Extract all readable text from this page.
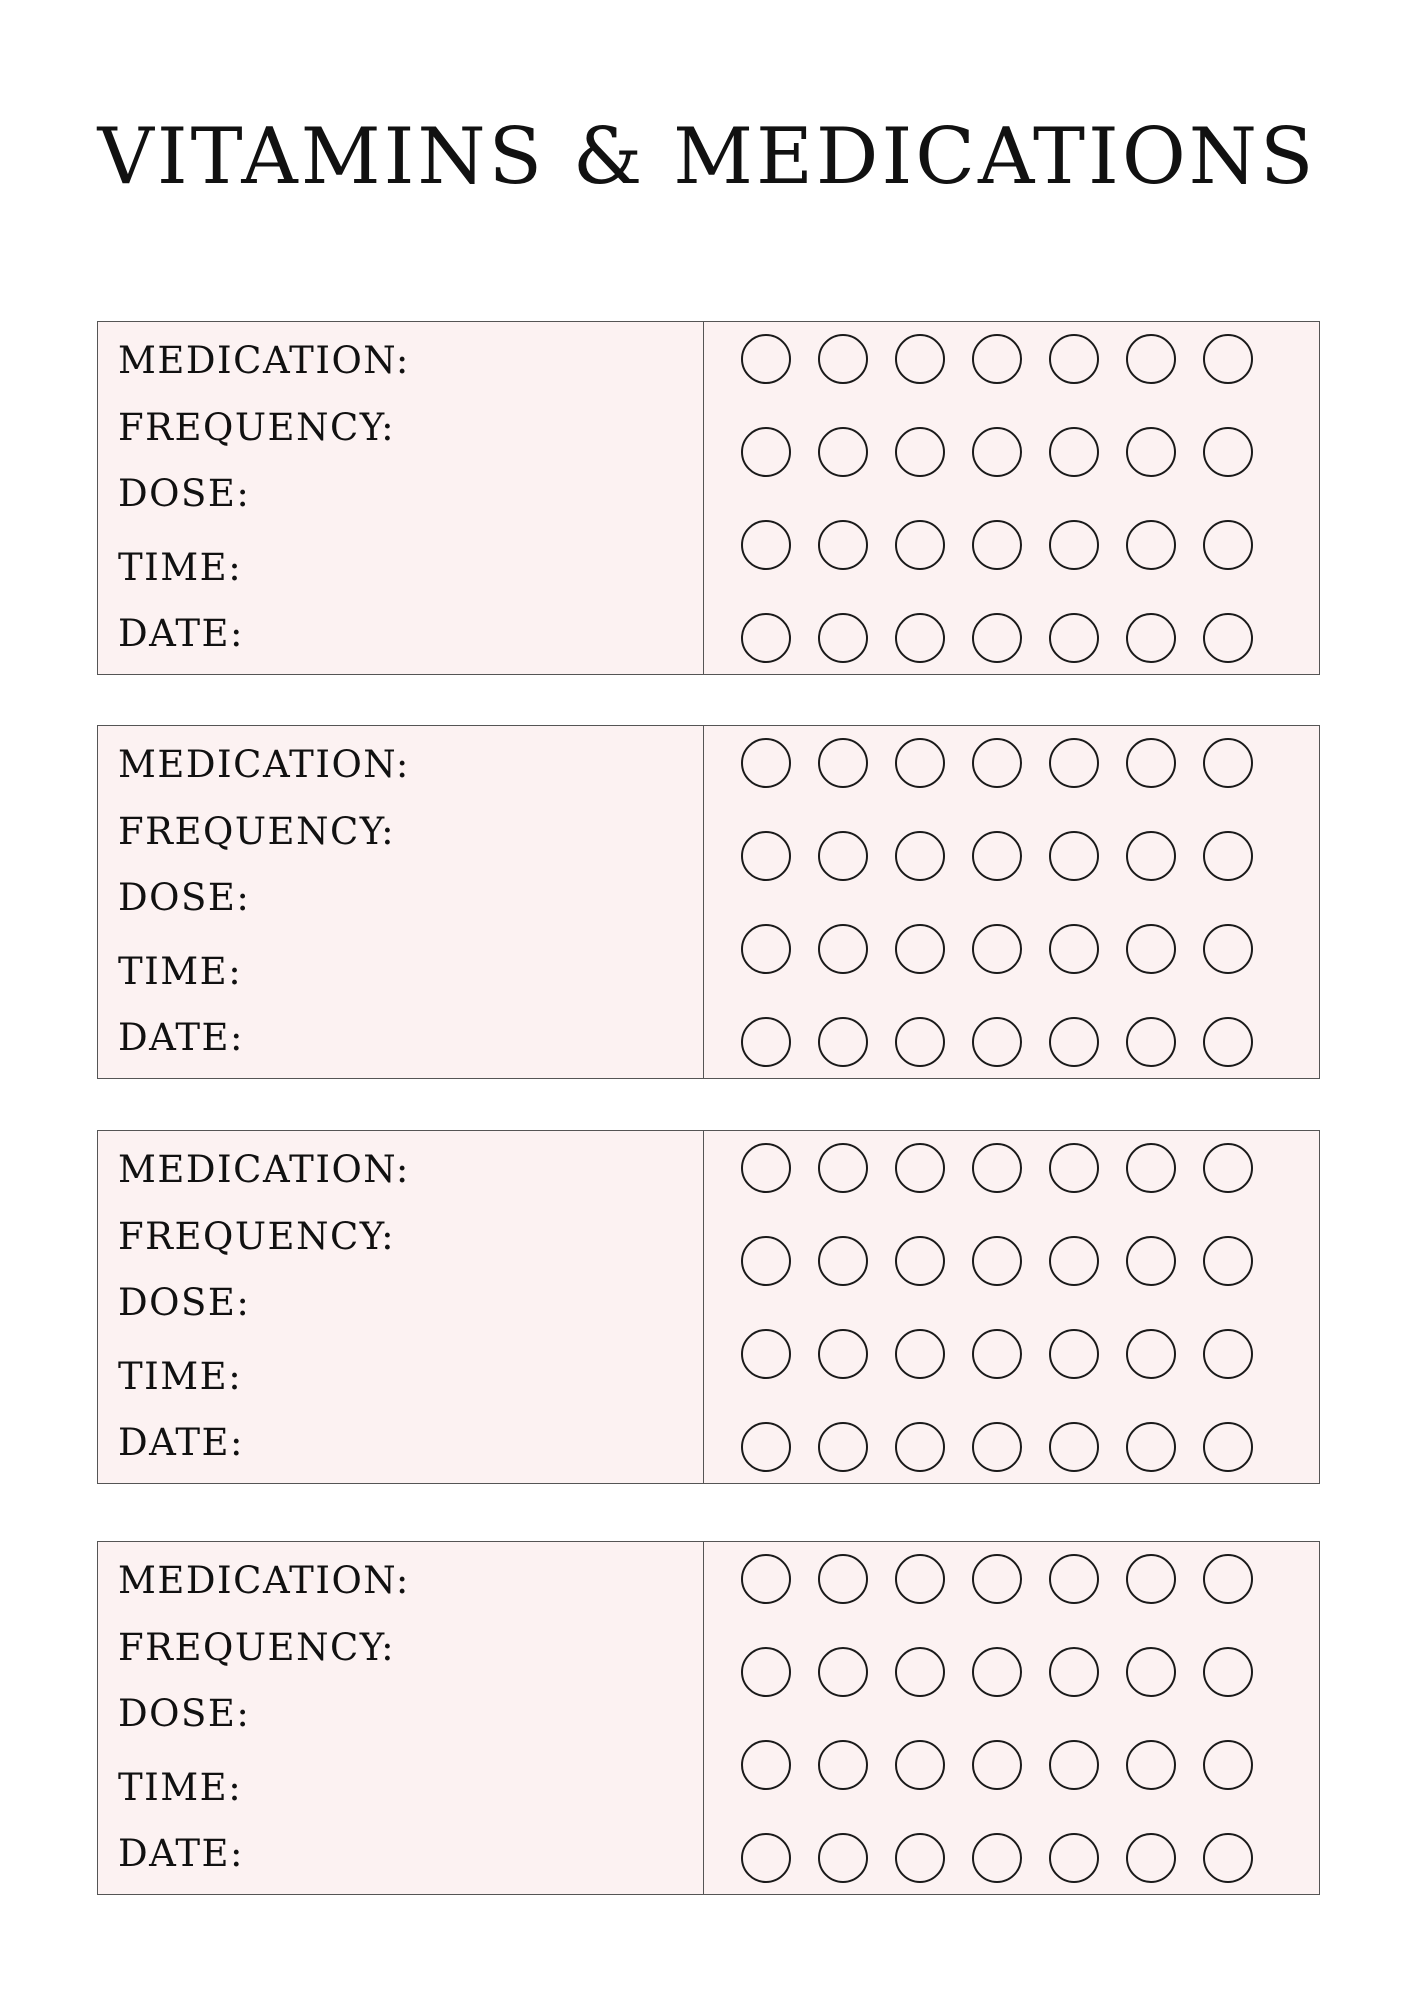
VITAMINS & MEDICATIONS
MEDICATION:
FREQUENCY:
DOSE:
TIME:
DATE:
MEDICATION:
FREQUENCY:
DOSE:
TIME:
DATE:
MEDICATION:
FREQUENCY:
DOSE:
TIME:
DATE:
MEDICATION:
FREQUENCY:
DOSE:
TIME:
DATE:
